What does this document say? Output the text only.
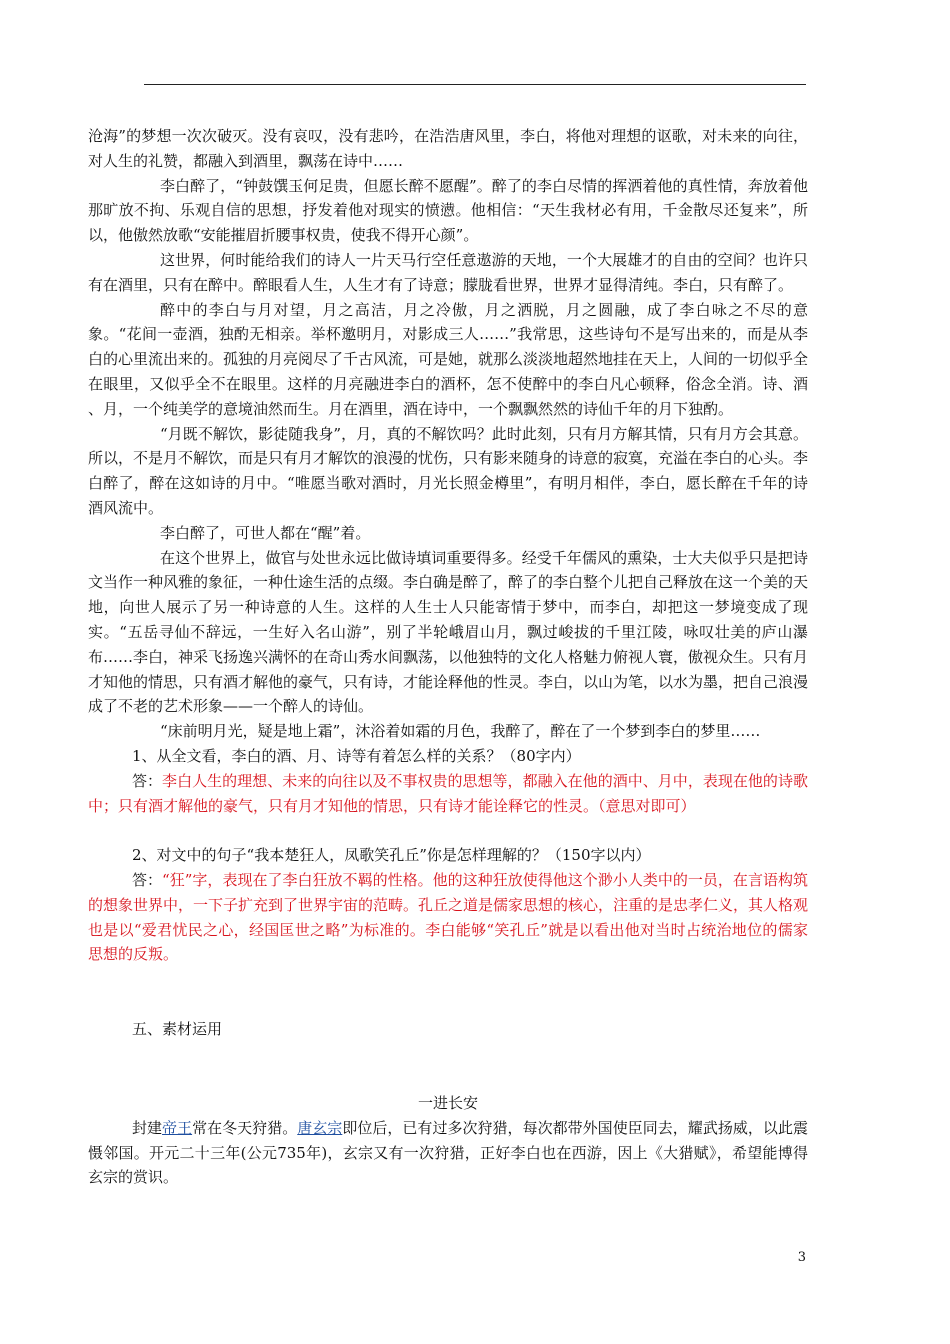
沧海”的梦想一次次破灭。没有哀叹，没有悲吟，在浩浩唐风里，李白，将他对理想的讴歌，对未来的向往，对人生的礼赞，都融入到酒里，飘荡在诗中……

李白醉了，“钟鼓馔玉何足贵，但愿长醉不愿醒”。醉了的李白尽情的挥洒着他的真性情，奔放着他那旷放不拘、乐观自信的思想，抒发着他对现实的愤懑。他相信：“天生我材必有用，千金散尽还复来”，所以，他傲然放歌“安能摧眉折腰事权贵，使我不得开心颜”。

这世界，何时能给我们的诗人一片天马行空任意遨游的天地，一个大展雄才的自由的空间？也许只有在酒里，只有在醉中。醉眼看人生，人生才有了诗意；朦胧看世界，世界才显得清纯。李白，只有醉了。

醉中的李白与月对望，月之高洁，月之冷傲，月之洒脱，月之圆融，成了李白咏之不尽的意象。“花间一壶酒，独酌无相亲。举杯邀明月，对影成三人……”我常思，这些诗句不是写出来的，而是从李白的心里流出来的。孤独的月亮阅尽了千古风流，可是她，就那么淡淡地超然地挂在天上，人间的一切似乎全在眼里，又似乎全不在眼里。这样的月亮融进李白的酒杯，怎不使醉中的李白凡心顿释，俗念全消。诗、酒 、月，一个纯美学的意境油然而生。月在酒里，酒在诗中，一个飘飘然然的诗仙千年的月下独酌。

“月既不解饮，影徒随我身”，月，真的不解饮吗？此时此刻，只有月方解其情，只有月方会其意。所以，不是月不解饮，而是只有月才解饮的浪漫的忧伤，只有影来随身的诗意的寂寞，充溢在李白的心头。李白醉了，醉在这如诗的月中。“唯愿当歌对酒时，月光长照金樽里”，有明月相伴，李白，愿长醉在千年的诗酒风流中。

李白醉了，可世人都在“醒”着。

在这个世界上，做官与处世永远比做诗填词重要得多。经受千年儒风的熏染，士大夫似乎只是把诗文当作一种风雅的象征，一种仕途生活的点缀。李白确是醉了，醉了的李白整个儿把自己释放在这一个美的天地，向世人展示了另一种诗意的人生。这样的人生士人只能寄情于梦中，而李白，却把这一梦境变成了现实。“五岳寻仙不辞远，一生好入名山游”，别了半轮峨眉山月，飘过峻拔的千里江陵，咏叹壮美的庐山瀑布……李白，神采飞扬逸兴满怀的在奇山秀水间飘荡，以他独特的文化人格魅力俯视人寰，傲视众生。只有月才知他的情思，只有酒才解他的豪气，只有诗，才能诠释他的性灵。李白，以山为笔，以水为墨，把自己浪漫成了不老的艺术形象——一个醉人的诗仙。

“床前明月光，疑是地上霜”，沐浴着如霜的月色，我醉了，醉在了一个梦到李白的梦里……

1、从全文看，李白的酒、月、诗等有着怎么样的关系？（80字内）

答：李白人生的理想、未来的向往以及不事权贵的思想等，都融入在他的酒中、月中，表现在他的诗歌中；只有酒才解他的豪气，只有月才知他的情思，只有诗才能诠释它的性灵。（意思对即可）

2、对文中的句子“我本楚狂人，凤歌笑孔丘”你是怎样理解的？（150字以内）

答：“狂”字，表现在了李白狂放不羁的性格。他的这种狂放使得他这个渺小人类中的一员，在言语构筑的想象世界中，一下子扩充到了世界宇宙的范畴。孔丘之道是儒家思想的核心，注重的是忠孝仁义，其人格观也是以“爱君忧民之心，经国匡世之略”为标准的。李白能够“笑孔丘”就是以看出他对当时占统治地位的儒家思想的反叛。

五、素材运用

一进长安

封建帝王常在冬天狩猎。唐玄宗即位后，已有过多次狩猎，每次都带外国使臣同去，耀武扬威，以此震慑邻国。开元二十三年(公元735年)，玄宗又有一次狩猎，正好李白也在西游，因上《大猎赋》，希望能博得玄宗的赏识。

3
